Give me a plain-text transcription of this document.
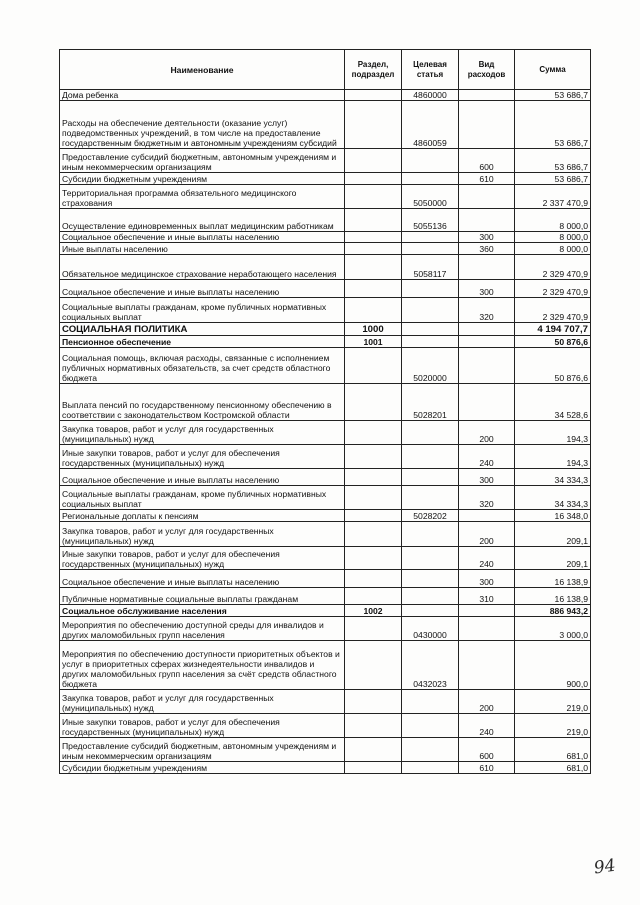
Наименование	Раздел, подраздел	Целевая статья	Вид расходов	Сумма
Дома ребенка		4860000		53 686,7
Расходы на обеспечение деятельности (оказание услуг) подведомственных учреждений, в том числе на предоставление государственным бюджетным и автономным учреждениям субсидий		4860059		53 686,7
Предоставление субсидий бюджетным, автономным учреждениям и иным некоммерческим организациям			600	53 686,7
Субсидии бюджетным учреждениям			610	53 686,7
Территориальная программа обязательного медицинского страхования		5050000		2 337 470,9
Осуществление единовременных выплат медицинским работникам		5055136		8 000,0
Социальное обеспечение и иные выплаты населению			300	8 000,0
Иные выплаты населению			360	8 000,0
Обязательное медицинское страхование неработающего населения		5058117		2 329 470,9
Социальное обеспечение и иные выплаты населению			300	2 329 470,9
Социальные выплаты гражданам, кроме публичных нормативных социальных выплат			320	2 329 470,9
СОЦИАЛЬНАЯ ПОЛИТИКА	1000			4 194 707,7
Пенсионное обеспечение	1001			50 876,6
Социальная помощь, включая расходы, связанные с исполнением публичных нормативных обязательств, за счет средств областного бюджета		5020000		50 876,6
Выплата пенсий по государственному пенсионному обеспечению в соответствии с законодательством Костромской области		5028201		34 528,6
Закупка товаров, работ и услуг для государственных (муниципальных) нужд			200	194,3
Иные закупки товаров, работ и услуг для обеспечения государственных (муниципальных) нужд			240	194,3
Социальное обеспечение и иные выплаты населению			300	34 334,3
Социальные выплаты гражданам, кроме публичных нормативных социальных выплат			320	34 334,3
Региональные доплаты к пенсиям		5028202		16 348,0
Закупка товаров, работ и услуг для государственных (муниципальных) нужд			200	209,1
Иные закупки товаров, работ и услуг для обеспечения государственных (муниципальных) нужд			240	209,1
Социальное обеспечение и иные выплаты населению			300	16 138,9
Публичные нормативные социальные выплаты гражданам			310	16 138,9
Социальное обслуживание населения	1002			886 943,2
Мероприятия по обеспечению доступной среды для инвалидов и других маломобильных групп населения		0430000		3 000,0
Мероприятия по обеспечению доступности приоритетных объектов и услуг в приоритетных сферах жизнедеятельности инвалидов и других маломобильных групп населения за счёт средств областного бюджета		0432023		900,0
Закупка товаров, работ и услуг для государственных (муниципальных) нужд			200	219,0
Иные закупки товаров, работ и услуг для обеспечения государственных (муниципальных) нужд			240	219,0
Предоставление субсидий бюджетным, автономным учреждениям и иным некоммерческим организациям			600	681,0
Субсидии бюджетным учреждениям			610	681,0
94
